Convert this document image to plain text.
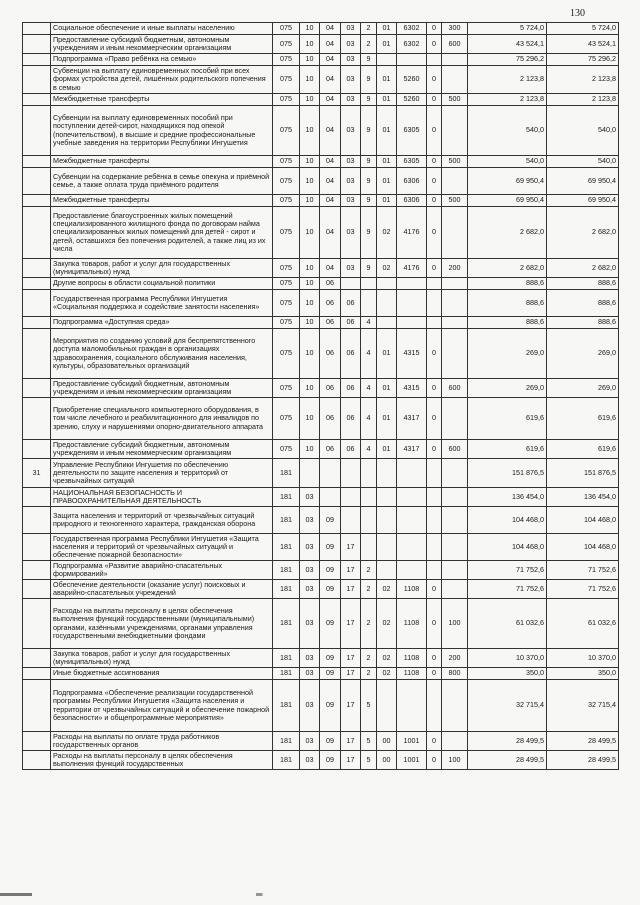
130
	Социальное обеспечение и иные выплаты населению	075	10	04	03	2	01	6302	0	300	5 724,0	5 724,0
	Предоставление субсидий бюджетным, автономным учреждениям и иным некоммерческим организациям	075	10	04	03	2	01	6302	0	600	43 524,1	43 524,1
	Подпрограмма «Право ребёнка на семью»	075	10	04	03	9					75 296,2	75 296,2
	Субвенции на выплату единовременных пособий при всех формах устройства детей, лишённых родительского попечения в семью	075	10	04	03	9	01	5260	0		2 123,8	2 123,8
	Межбюджетные трансферты	075	10	04	03	9	01	5260	0	500	2 123,8	2 123,8
	Субвенции на выплату единовременных пособий при поступлении детей-сирот, находящихся под опекой (попечительством), в высшие и средние профессиональные учебные заведения на территории Республики Ингушетия	075	10	04	03	9	01	6305	0		540,0	540,0
	Межбюджетные трансферты	075	10	04	03	9	01	6305	0	500	540,0	540,0
	Субвенции на содержание ребёнка в семье опекуна и приёмной семье, а также оплата труда приёмного родителя	075	10	04	03	9	01	6306	0		69 950,4	69 950,4
	Межбюджетные трансферты	075	10	04	03	9	01	6306	0	500	69 950,4	69 950,4
	Предоставление благоустроенных жилых помещений специализированного жилищного фонда по договорам найма специализированных жилых помещений для детей - сирот и детей, оставшихся без попечения родителей, а также лиц из их числа	075	10	04	03	9	02	4176	0		2 682,0	2 682,0
	Закупка товаров, работ и услуг для государственных (муниципальных) нужд	075	10	04	03	9	02	4176	0	200	2 682,0	2 682,0
	Другие вопросы в области социальной политики	075	10	06							888,6	888,6
	Государственная программа Республики Ингушетия «Социальная поддержка и содействие занятости населения»	075	10	06	06						888,6	888,6
	Подпрограмма «Доступная среда»	075	10	06	06	4					888,6	888,6
	Мероприятия по созданию условий для беспрепятственного доступа маломобильных граждан в организациях здравоохранения, социального обслуживания населения, культуры, образовательных организаций	075	10	06	06	4	01	4315	0		269,0	269,0
	Предоставление субсидий бюджетным, автономным учреждениям и иным некоммерческим организациям	075	10	06	06	4	01	4315	0	600	269,0	269,0
	Приобретение специального компьютерного оборудования, в том числе лечебного и реабилитационного для инвалидов по зрению, слуху и нарушениями опорно-двигательного аппарата	075	10	06	06	4	01	4317	0		619,6	619,6
	Предоставление субсидий бюджетным, автономным учреждениям и иным некоммерческим организациям	075	10	06	06	4	01	4317	0	600	619,6	619,6
31	Управление Республики Ингушетия по обеспечению деятельности по защите населения и территорий от чрезвычайных ситуаций	181									151 876,5	151 876,5
	НАЦИОНАЛЬНАЯ БЕЗОПАСНОСТЬ И ПРАВООХРАНИТЕЛЬНАЯ ДЕЯТЕЛЬНОСТЬ	181	03								136 454,0	136 454,0
	Защита населения и территорий от чрезвычайных ситуаций природного и техногенного характера, гражданская оборона	181	03	09							104 468,0	104 468,0
	Государственная программа Республики Ингушетия «Защита населения и территорий от чрезвычайных ситуаций и обеспечение пожарной безопасности»	181	03	09	17						104 468,0	104 468,0
	Подпрограмма «Развитие аварийно-спасательных формирований»	181	03	09	17	2					71 752,6	71 752,6
	Обеспечение деятельности (оказание услуг) поисковых и аварийно-спасательных учреждений	181	03	09	17	2	02	1108	0		71 752,6	71 752,6
	Расходы на выплаты персоналу в целях обеспечения выполнения функций государственными (муниципальными) органами, казёнными учреждениями, органами управления государственными внебюджетными фондами	181	03	09	17	2	02	1108	0	100	61 032,6	61 032,6
	Закупка товаров, работ и услуг для государственных (муниципальных) нужд	181	03	09	17	2	02	1108	0	200	10 370,0	10 370,0
	Иные бюджетные ассигнования	181	03	09	17	2	02	1108	0	800	350,0	350,0
	Подпрограмма «Обеспечение реализации государственной программы Республики Ингушетия «Защита населения и территории от чрезвычайных ситуаций и обеспечение пожарной безопасности» и общепрограммные мероприятия»	181	03	09	17	5					32 715,4	32 715,4
	Расходы на выплаты по оплате труда работников государственных органов	181	03	09	17	5	00	1001	0		28 499,5	28 499,5
	Расходы на выплаты персоналу в целях обеспечения выполнения функций государственных	181	03	09	17	5	00	1001	0	100	28 499,5	28 499,5
